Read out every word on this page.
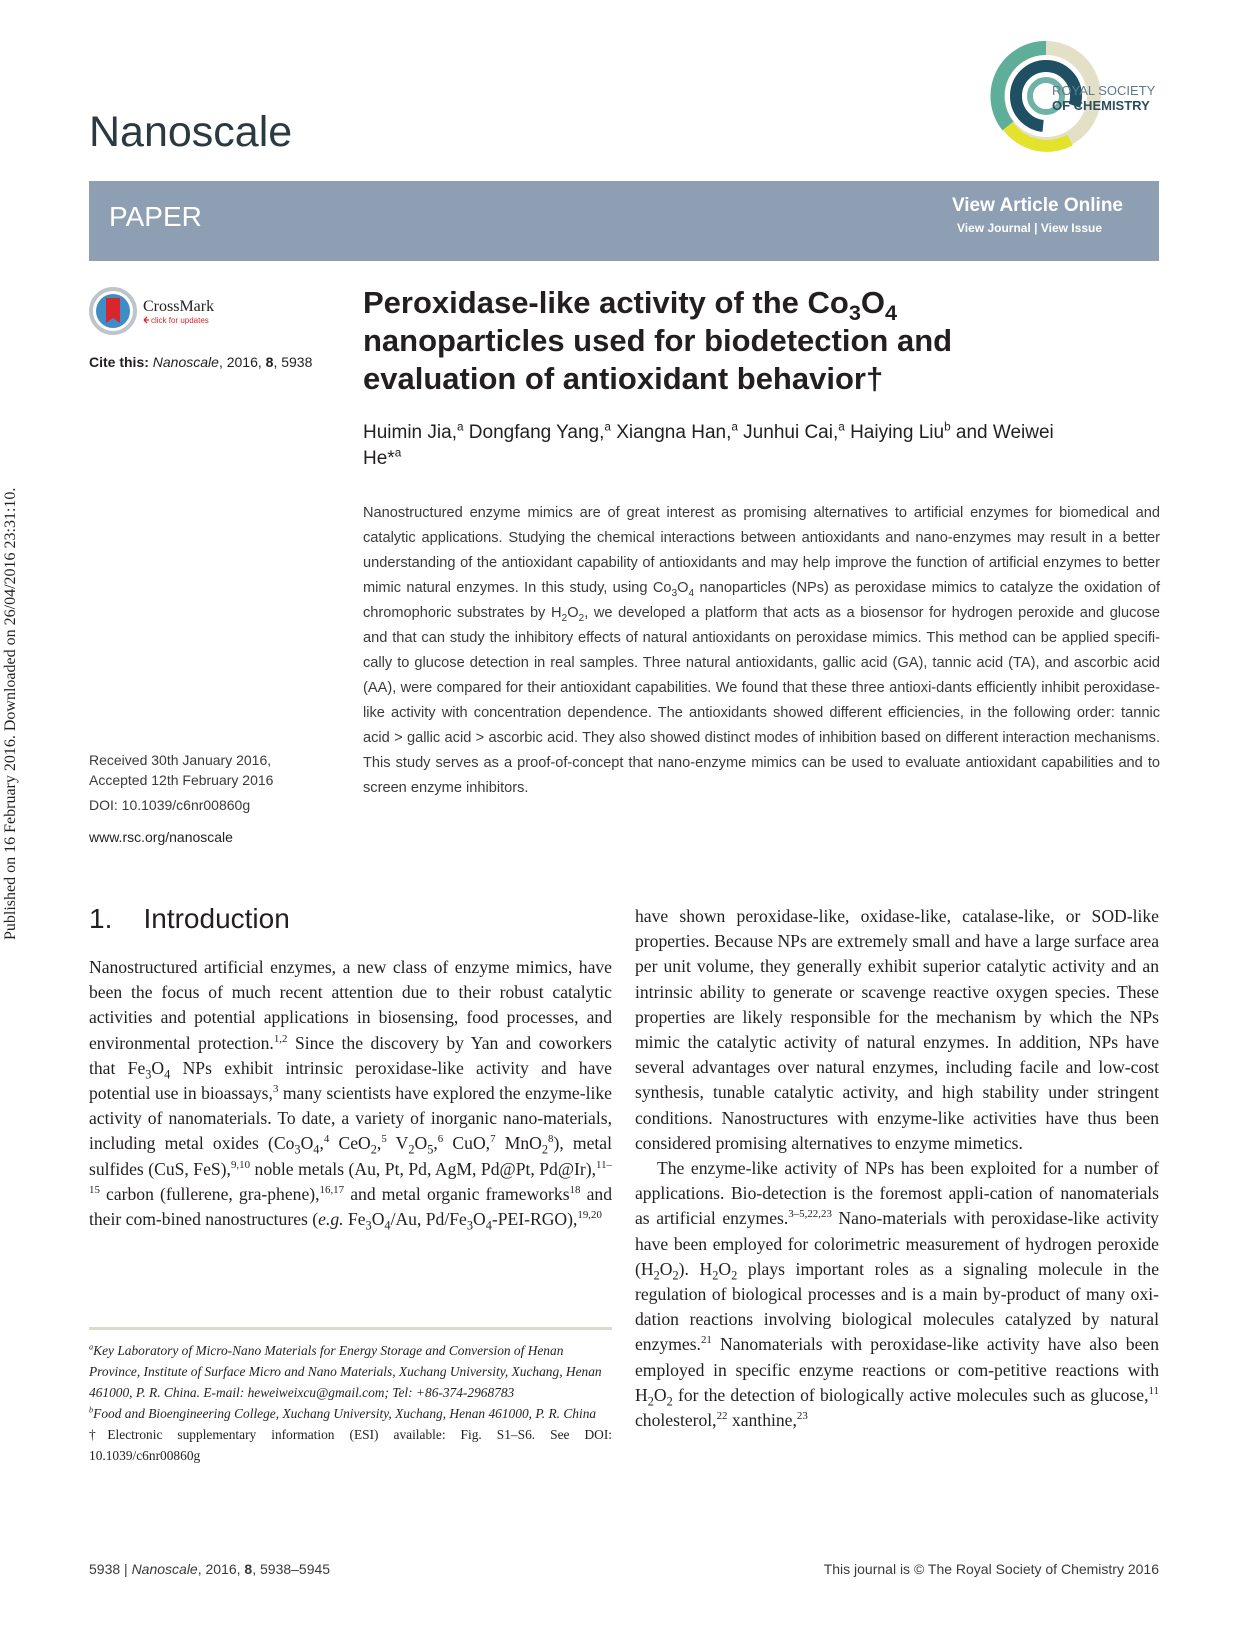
Published on 16 February 2016. Downloaded on 26/04/2016 23:31:10.
Nanoscale
ROYAL SOCIETY
OF CHEMISTRY
PAPER	View Article Online
View Journal | View Issue
CrossMark
click for updates
Cite this: Nanoscale, 2016, 8, 5938
Peroxidase-like activity of the $Co_3O_4$ nanoparticles used for biodetection and evaluation of antioxidant behavior†
Huimin Jia,$^a$ Dongfang Yang,$^a$ Xiangna Han,$^a$ Junhui Cai,$^a$ Haiying Liu$^b$ and Weiwei He*$^a$
Nanostructured enzyme mimics are of great interest as promising alternatives to artificial enzymes for biomedical and catalytic applications. Studying the chemical interactions between antioxidants and nano-enzymes may result in a better understanding of the antioxidant capability of antioxidants and may help improve the function of artificial enzymes to better mimic natural enzymes. In this study, using $Co_3O_4$ nanoparticles (NPs) as peroxidase mimics to catalyze the oxidation of chromophoric substrates by $H_2O_2$, we developed a platform that acts as a biosensor for hydrogen peroxide and glucose and that can study the inhibitory effects of natural antioxidants on peroxidase mimics. This method can be applied specifi-cally to glucose detection in real samples. Three natural antioxidants, gallic acid (GA), tannic acid (TA), and ascorbic acid (AA), were compared for their antioxidant capabilities. We found that these three antioxi-dants efficiently inhibit peroxidase-like activity with concentration dependence. The antioxidants showed different efficiencies, in the following order: tannic acid > gallic acid > ascorbic acid. They also showed distinct modes of inhibition based on different interaction mechanisms. This study serves as a proof-of-concept that nano-enzyme mimics can be used to evaluate antioxidant capabilities and to screen enzyme inhibitors.
Received 30th January 2016,
Accepted 12th February 2016
DOI: 10.1039/c6nr00860g
www.rsc.org/nanoscale
1.    Introduction

Nanostructured artificial enzymes, a new class of enzyme mimics, have been the focus of much recent attention due to their robust catalytic activities and potential applications in biosensing, food processes, and environmental protection.$^{1,2}$ Since the discovery by Yan and coworkers that $Fe_3O_4$ NPs exhibit intrinsic peroxidase-like activity and have potential use in bioassays,$^3$ many scientists have explored the enzyme-like activity of nanomaterials. To date, a variety of inorganic nano-materials, including metal oxides ($Co_3O_4,^4$ CeO$_2$,$^5$ $V_2O_5,^6$ CuO,$^7$ MnO$_2^8$), metal sulfides (CuS, FeS),$^{9,10}$ noble metals (Au, Pt, Pd, AgM, Pd@Pt, Pd@Ir),$^{11-15}$ carbon (fullerene, gra-phene),$^{16,17}$ and metal organic frameworks$^{18}$ and their com-bined nanostructures (e.g. $Fe_3O_4/Au$, $Pd/Fe_3O_4-PEI-RGO),^{19,20}$

have shown peroxidase-like, oxidase-like, catalase-like, or SOD-like properties. Because NPs are extremely small and have a large surface area per unit volume, they generally exhibit superior catalytic activity and an intrinsic ability to generate or scavenge reactive oxygen species. These properties are likely responsible for the mechanism by which the NPs mimic the catalytic activity of natural enzymes. In addition, NPs have several advantages over natural enzymes, including facile and low-cost synthesis, tunable catalytic activity, and high stability under stringent conditions. Nanostructures with enzyme-like activities have thus been considered promising alternatives to enzyme mimetics.

The enzyme-like activity of NPs has been exploited for a number of applications. Bio-detection is the foremost appli-cation of nanomaterials as artificial enzymes.$^{3-5,22,23}$ Nano-materials with peroxidase-like activity have been employed for colorimetric measurement of hydrogen peroxide $(H_2O_2)$. $H_2O_2$ plays important roles as a signaling molecule in the regulation of biological processes and is a main by-product of many oxi-dation reactions involving biological molecules catalyzed by natural enzymes.$^{21}$ Nanomaterials with peroxidase-like activity have also been employed in specific enzyme reactions or com-petitive reactions with $H_2O_2$ for the detection of biologically active molecules such as glucose,$^{11}$ cholesterol,$^{22}$ xanthine,$^{23}$

$^a$Key Laboratory of Micro-Nano Materials for Energy Storage and Conversion of Henan Province, Institute of Surface Micro and Nano Materials, Xuchang University, Xuchang, Henan 461000, P. R. China. E-mail: heweiweixcu@gmail.com; Tel: +86-374-2968783
$^b$Food and Bioengineering College, Xuchang University, Xuchang, Henan 461000, P. R. China
†Electronic supplementary information (ESI) available: Fig. S1–S6. See DOI: 10.1039/c6nr00860g
5938 | Nanoscale, 2016, 8, 5938–5945	This journal is © The Royal Society of Chemistry 2016
